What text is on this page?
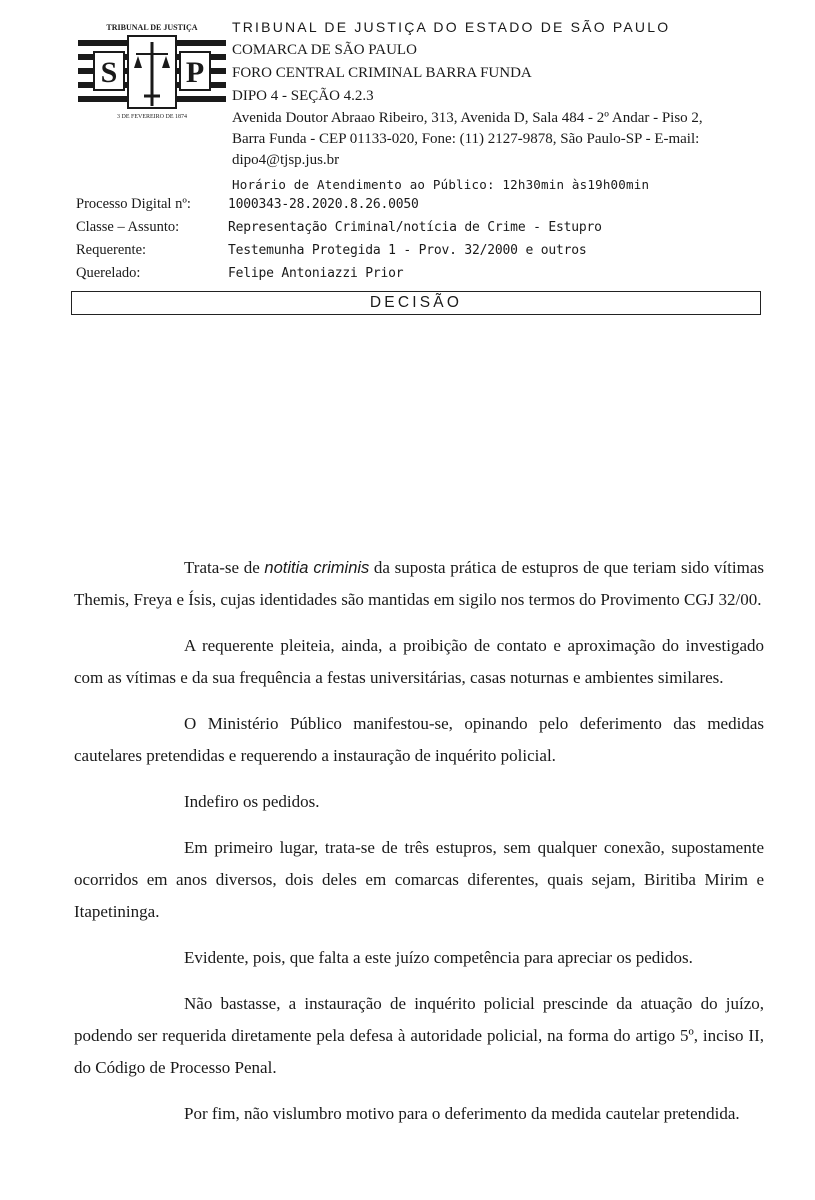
S P
TRIBUNAL DE JUSTIÇA
3 DE FEVEREIRO DE 1874
TRIBUNAL DE JUSTIÇA DO ESTADO DE SÃO PAULO
COMARCA DE SÃO PAULO
FORO CENTRAL CRIMINAL BARRA FUNDA
DIPO 4 - SEÇÃO 4.2.3
Avenida Doutor Abraao Ribeiro, 313, Avenida D, Sala 484 - 2º Andar - Piso 2,
Barra Funda - CEP 01133-020, Fone: (11) 2127-9878, São Paulo-SP - E-mail:
dipo4@tjsp.jus.br
Horário de Atendimento ao Público: 12h30min às19h00min
Processo Digital nº:	1000343-28.2020.8.26.0050
Classe – Assunto:	Representação Criminal/notícia de Crime - Estupro
Requerente:	Testemunha Protegida 1 - Prov. 32/2000 e outros
Querelado:	Felipe Antoniazzi Prior
DECISÃO

Trata-se de notitia criminis da suposta prática de estupros de que teriam sido vítimas Themis, Freya e Ísis, cujas identidades são mantidas em sigilo nos termos do Provimento CGJ 32/00.

A requerente pleiteia, ainda, a proibição de contato e aproximação do investigado com as vítimas e da sua frequência a festas universitárias, casas noturnas e ambientes similares.

O Ministério Público manifestou-se, opinando pelo deferimento das medidas cautelares pretendidas e requerendo a instauração de inquérito policial.

Indefiro os pedidos.

Em primeiro lugar, trata-se de três estupros, sem qualquer conexão, supostamente ocorridos em anos diversos, dois deles em comarcas diferentes, quais sejam, Biritiba Mirim e Itapetininga.

Evidente, pois, que falta a este juízo competência para apreciar os pedidos.

Não bastasse, a instauração de inquérito policial prescinde da atuação do juízo, podendo ser requerida diretamente pela defesa à autoridade policial, na forma do artigo 5º, inciso II, do Código de Processo Penal.

Por fim, não vislumbro motivo para o deferimento da medida cautelar pretendida.
